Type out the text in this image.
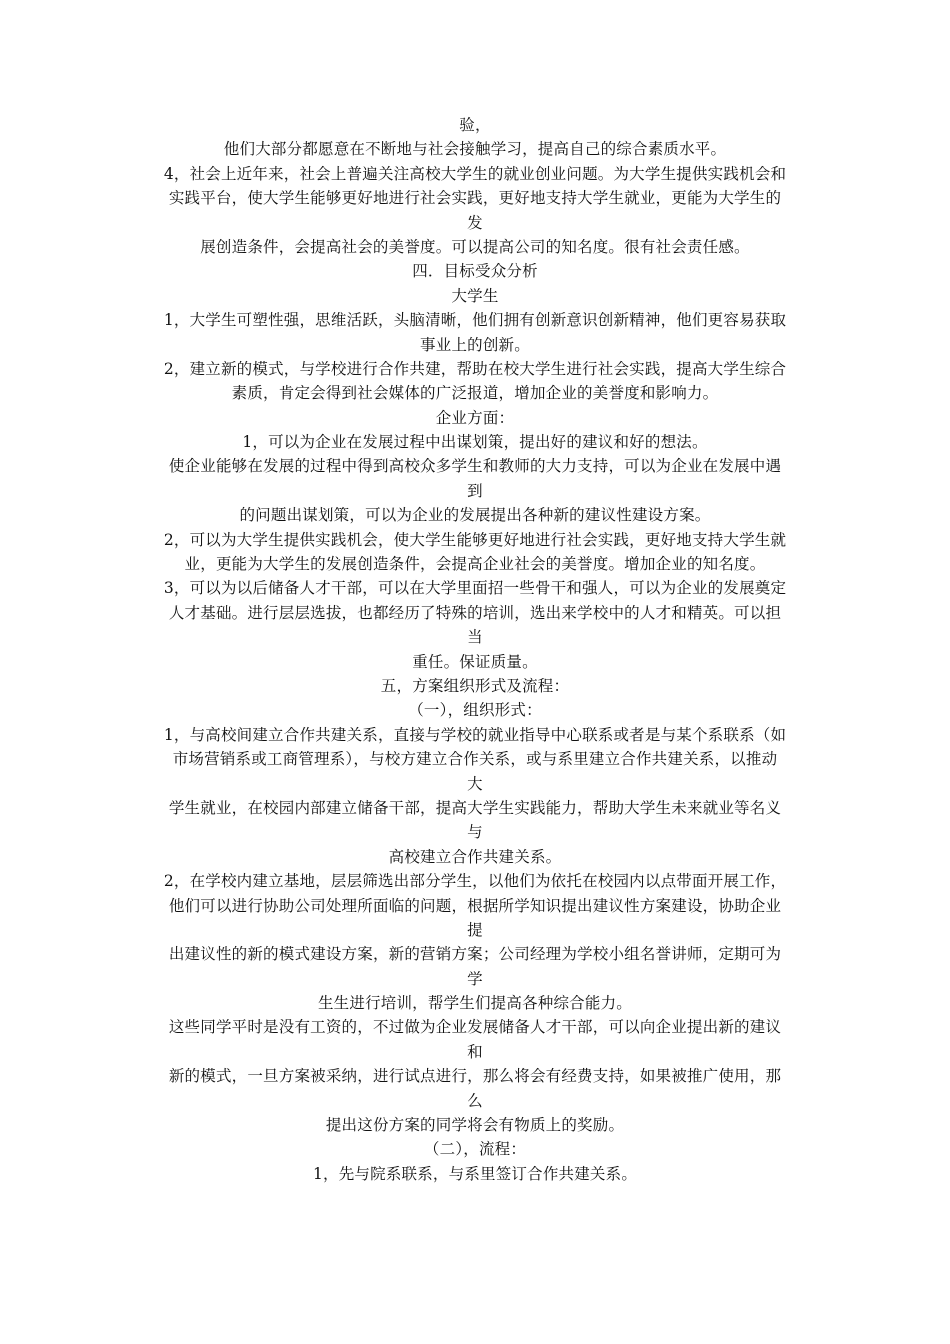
验，
他们大部分都愿意在不断地与社会接触学习，提高自己的综合素质水平。
4，社会上近年来，社会上普遍关注高校大学生的就业创业问题。为大学生提供实践机会和
实践平台，使大学生能够更好地进行社会实践，更好地支持大学生就业，更能为大学生的
发
展创造条件，会提高社会的美誉度。可以提高公司的知名度。很有社会责任感。
四．目标受众分析
大学生
1，大学生可塑性强，思维活跃，头脑清晰，他们拥有创新意识创新精神，他们更容易获取
事业上的创新。
2，建立新的模式，与学校进行合作共建，帮助在校大学生进行社会实践，提高大学生综合
素质，肯定会得到社会媒体的广泛报道，增加企业的美誉度和影响力。
企业方面：
1，可以为企业在发展过程中出谋划策，提出好的建议和好的想法。
使企业能够在发展的过程中得到高校众多学生和教师的大力支持，可以为企业在发展中遇
到
的问题出谋划策，可以为企业的发展提出各种新的建议性建设方案。
2，可以为大学生提供实践机会，使大学生能够更好地进行社会实践，更好地支持大学生就
业，更能为大学生的发展创造条件，会提高企业社会的美誉度。增加企业的知名度。
3，可以为以后储备人才干部，可以在大学里面招一些骨干和强人，可以为企业的发展奠定
人才基础。进行层层选拔，也都经历了特殊的培训，选出来学校中的人才和精英。可以担
当
重任。保证质量。
五，方案组织形式及流程：
（一），组织形式：
1，与高校间建立合作共建关系，直接与学校的就业指导中心联系或者是与某个系联系（如
市场营销系或工商管理系），与校方建立合作关系，或与系里建立合作共建关系，以推动
大
学生就业，在校园内部建立储备干部，提高大学生实践能力，帮助大学生未来就业等名义
与
高校建立合作共建关系。
2，在学校内建立基地，层层筛选出部分学生，以他们为依托在校园内以点带面开展工作，
他们可以进行协助公司处理所面临的问题，根据所学知识提出建议性方案建设，协助企业
提
出建议性的新的模式建设方案，新的营销方案；公司经理为学校小组名誉讲师，定期可为
学
生生进行培训，帮学生们提高各种综合能力。
这些同学平时是没有工资的，不过做为企业发展储备人才干部，可以向企业提出新的建议
和
新的模式，一旦方案被采纳，进行试点进行，那么将会有经费支持，如果被推广使用，那
么
提出这份方案的同学将会有物质上的奖励。
（二），流程：
1，先与院系联系，与系里签订合作共建关系。
